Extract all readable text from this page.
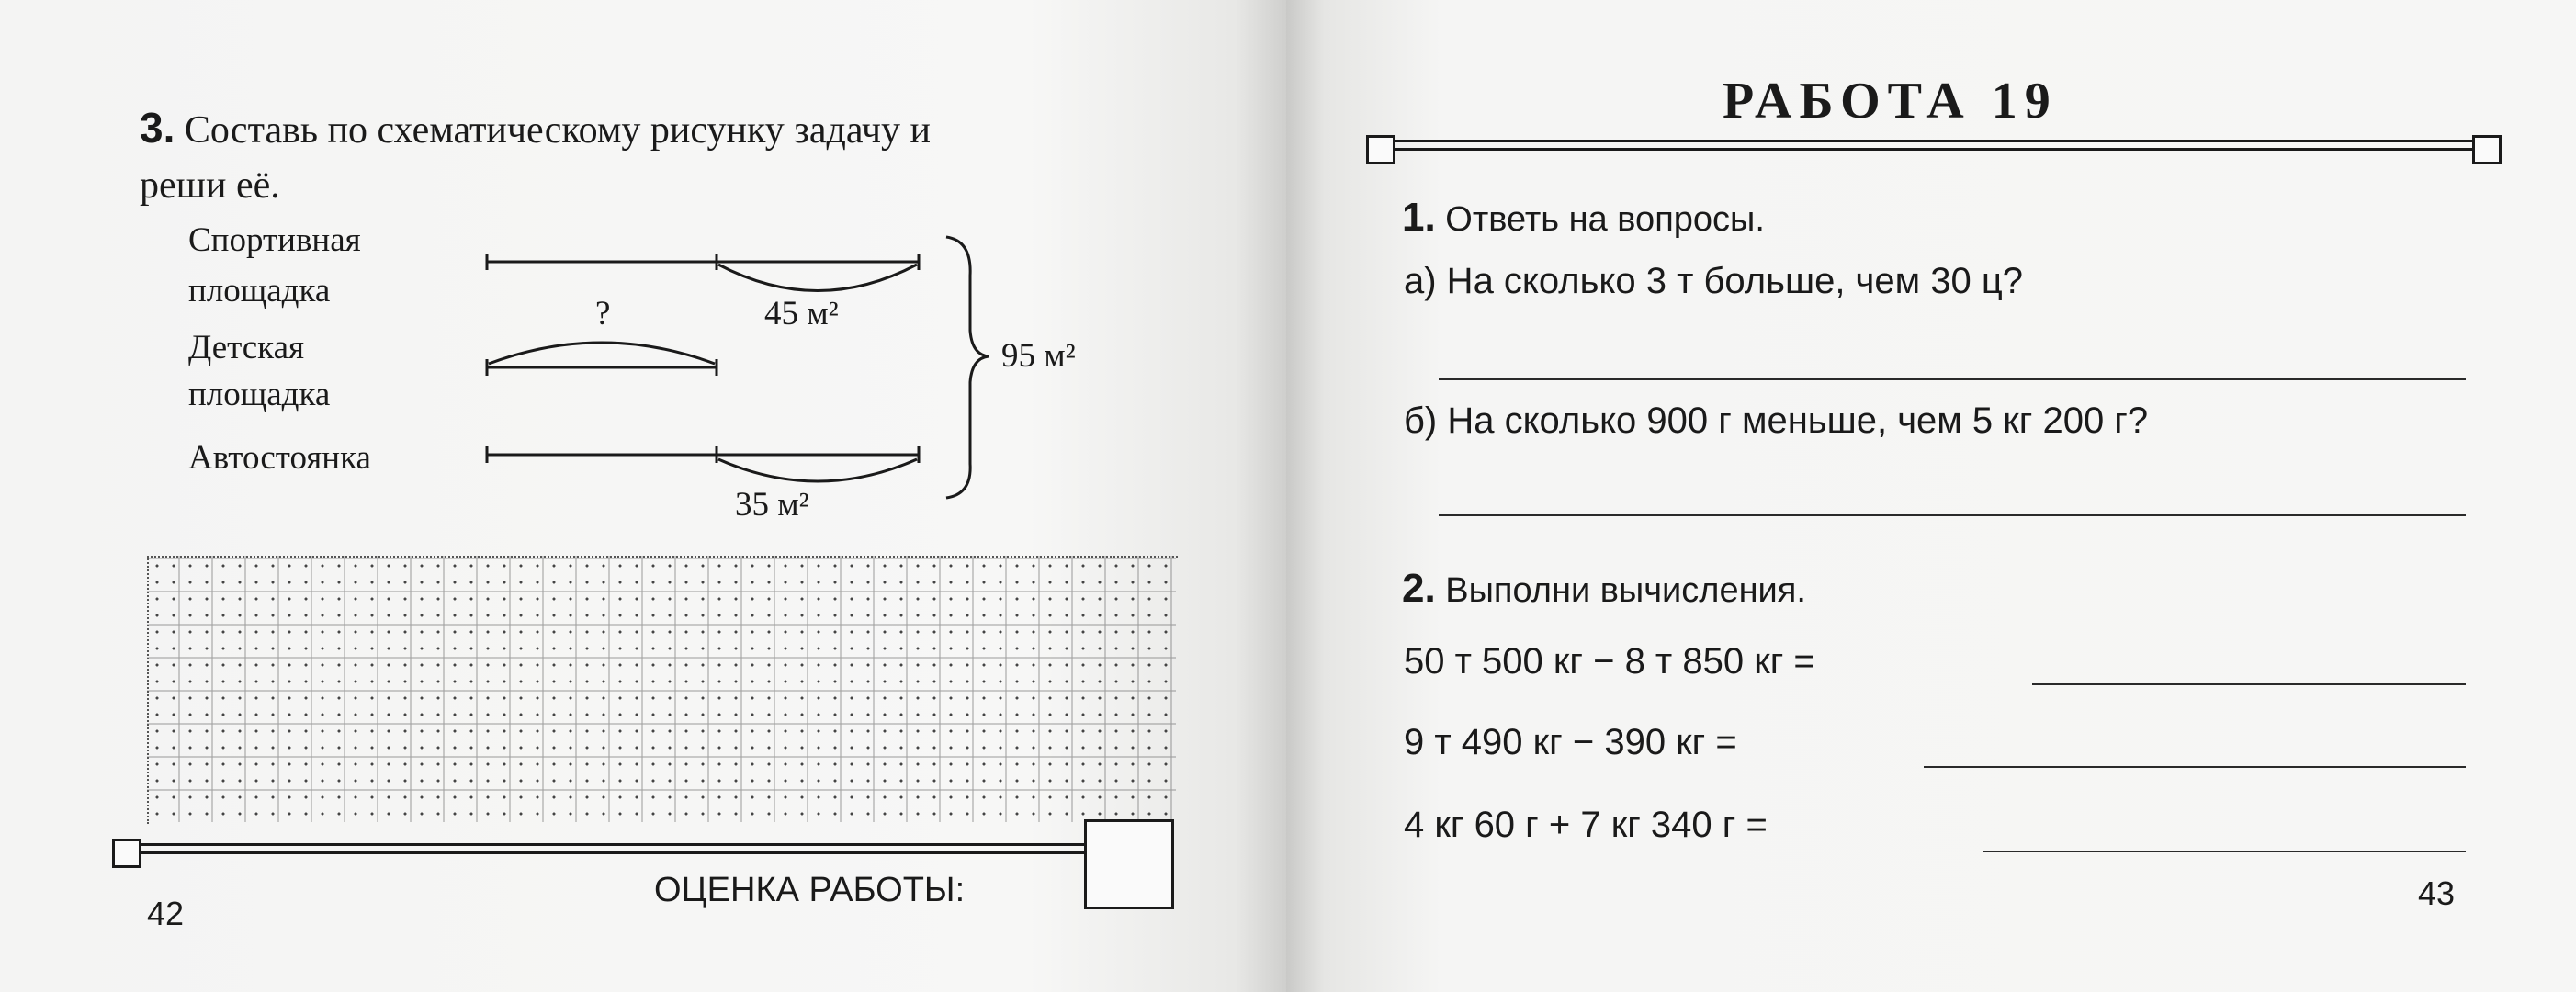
3. Составь по схематическому рисунку задачу и
реши её.
Спортивная
площадка
Детская
площадка
Автостоянка
?	45 м²
35 м²
95 м²
42
ОЦЕНКА РАБОТЫ:
РАБОТА 19
1. Ответь на вопросы.
а) На сколько 3 т больше, чем 30 ц?
б) На сколько 900 г меньше, чем 5 кг 200 г?
2. Выполни вычисления.
50 т 500 кг − 8 т 850 кг =
9 т 490 кг − 390 кг =
4 кг 60 г + 7 кг 340 г =
43
